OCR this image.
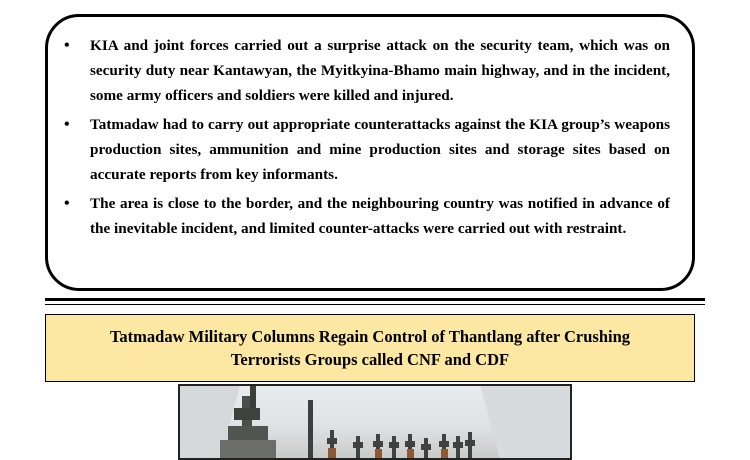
• KIA and joint forces carried out a surprise attack on the security team, which was on security duty near Kantawyan, the Myitkyina-Bhamo main highway, and in the incident, some army officers and soldiers were killed and injured.
• Tatmadaw had to carry out appropriate counterattacks against the KIA group’s weapons production sites, ammunition and mine production sites and storage sites based on accurate reports from key informants.
• The area is close to the border, and the neighbouring country was notified in advance of the inevitable incident, and limited counter-attacks were carried out with restraint.
Tatmadaw Military Columns Regain Control of Thantlang after Crushing Terrorists Groups called CNF and CDF
